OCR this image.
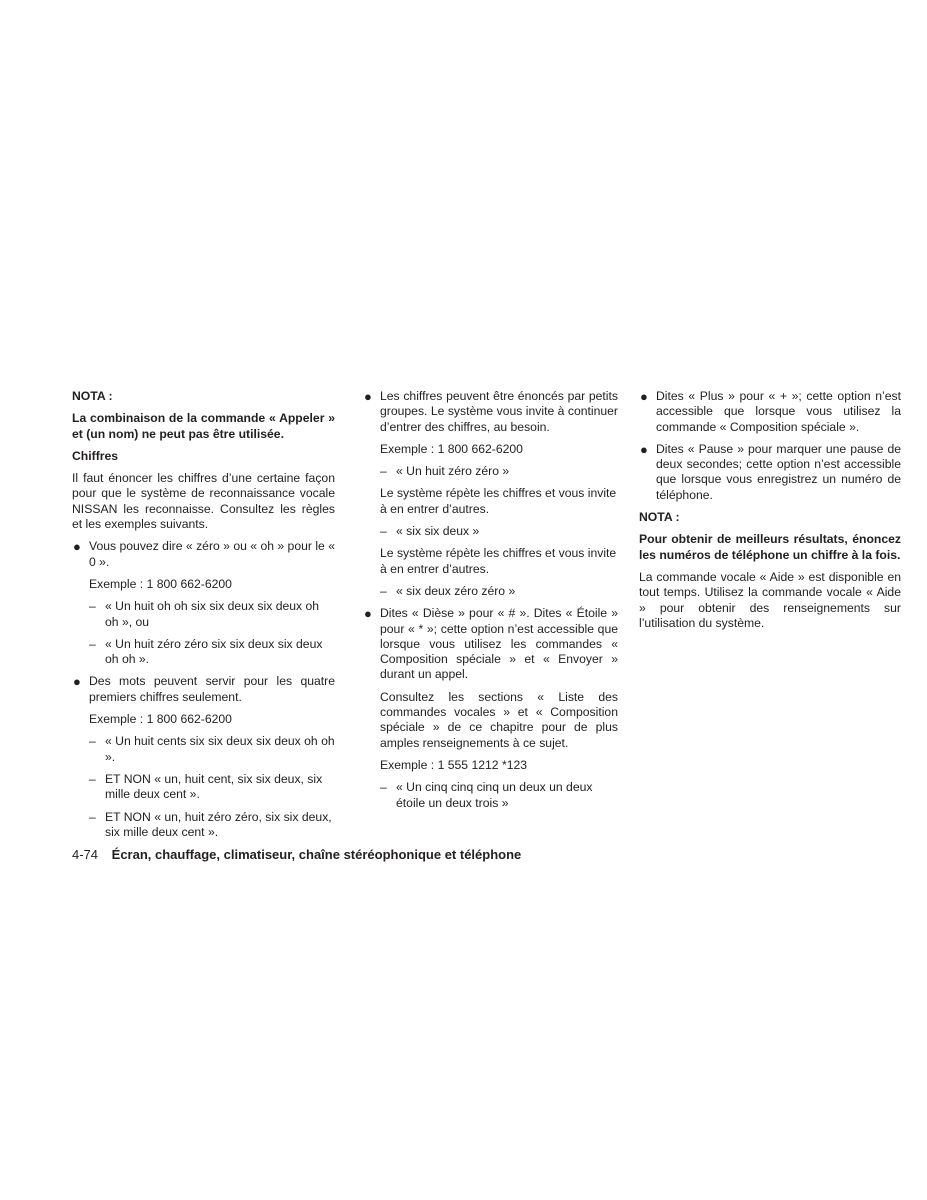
NOTA :

La combinaison de la commande « Appeler » et (un nom) ne peut pas être utilisée.

Chiffres

Il faut énoncer les chiffres d’une certaine façon pour que le système de reconnaissance vocale NISSAN les reconnaisse. Consultez les règles et les exemples suivants.

● Vous pouvez dire « zéro » ou « oh » pour le « 0 ».
Exemple : 1 800 662-6200
– « Un huit oh oh six six deux six deux oh oh », ou
– « Un huit zéro zéro six six deux six deux oh oh ».
● Des mots peuvent servir pour les quatre premiers chiffres seulement.
Exemple : 1 800 662-6200
– « Un huit cents six six deux six deux oh oh ».
– ET NON « un, huit cent, six six deux, six mille deux cent ».
– ET NON « un, huit zéro zéro, six six deux, six mille deux cent ».
● Les chiffres peuvent être énoncés par petits groupes. Le système vous invite à continuer d’entrer des chiffres, au besoin.
Exemple : 1 800 662-6200
– « Un huit zéro zéro »
Le système répète les chiffres et vous invite à en entrer d’autres.
– « six six deux »
Le système répète les chiffres et vous invite à en entrer d’autres.
– « six deux zéro zéro »
● Dites « Dièse » pour « # ». Dites « Étoile » pour « * »; cette option n’est accessible que lorsque vous utilisez les commandes « Composition spéciale » et « Envoyer » durant un appel.
Consultez les sections « Liste des commandes vocales » et « Composition spéciale » de ce chapitre pour de plus amples renseignements à ce sujet.
Exemple : 1 555 1212 *123
– « Un cinq cinq cinq un deux un deux étoile un deux trois »
● Dites « Plus » pour « + »; cette option n’est accessible que lorsque vous utilisez la commande « Composition spéciale ».
● Dites « Pause » pour marquer une pause de deux secondes; cette option n’est accessible que lorsque vous enregistrez un numéro de téléphone.

NOTA :

Pour obtenir de meilleurs résultats, énoncez les numéros de téléphone un chiffre à la fois.

La commande vocale « Aide » est disponible en tout temps. Utilisez la commande vocale « Aide » pour obtenir des renseignements sur l’utilisation du système.

4-74 Écran, chauffage, climatiseur, chaîne stéréophonique et téléphone
